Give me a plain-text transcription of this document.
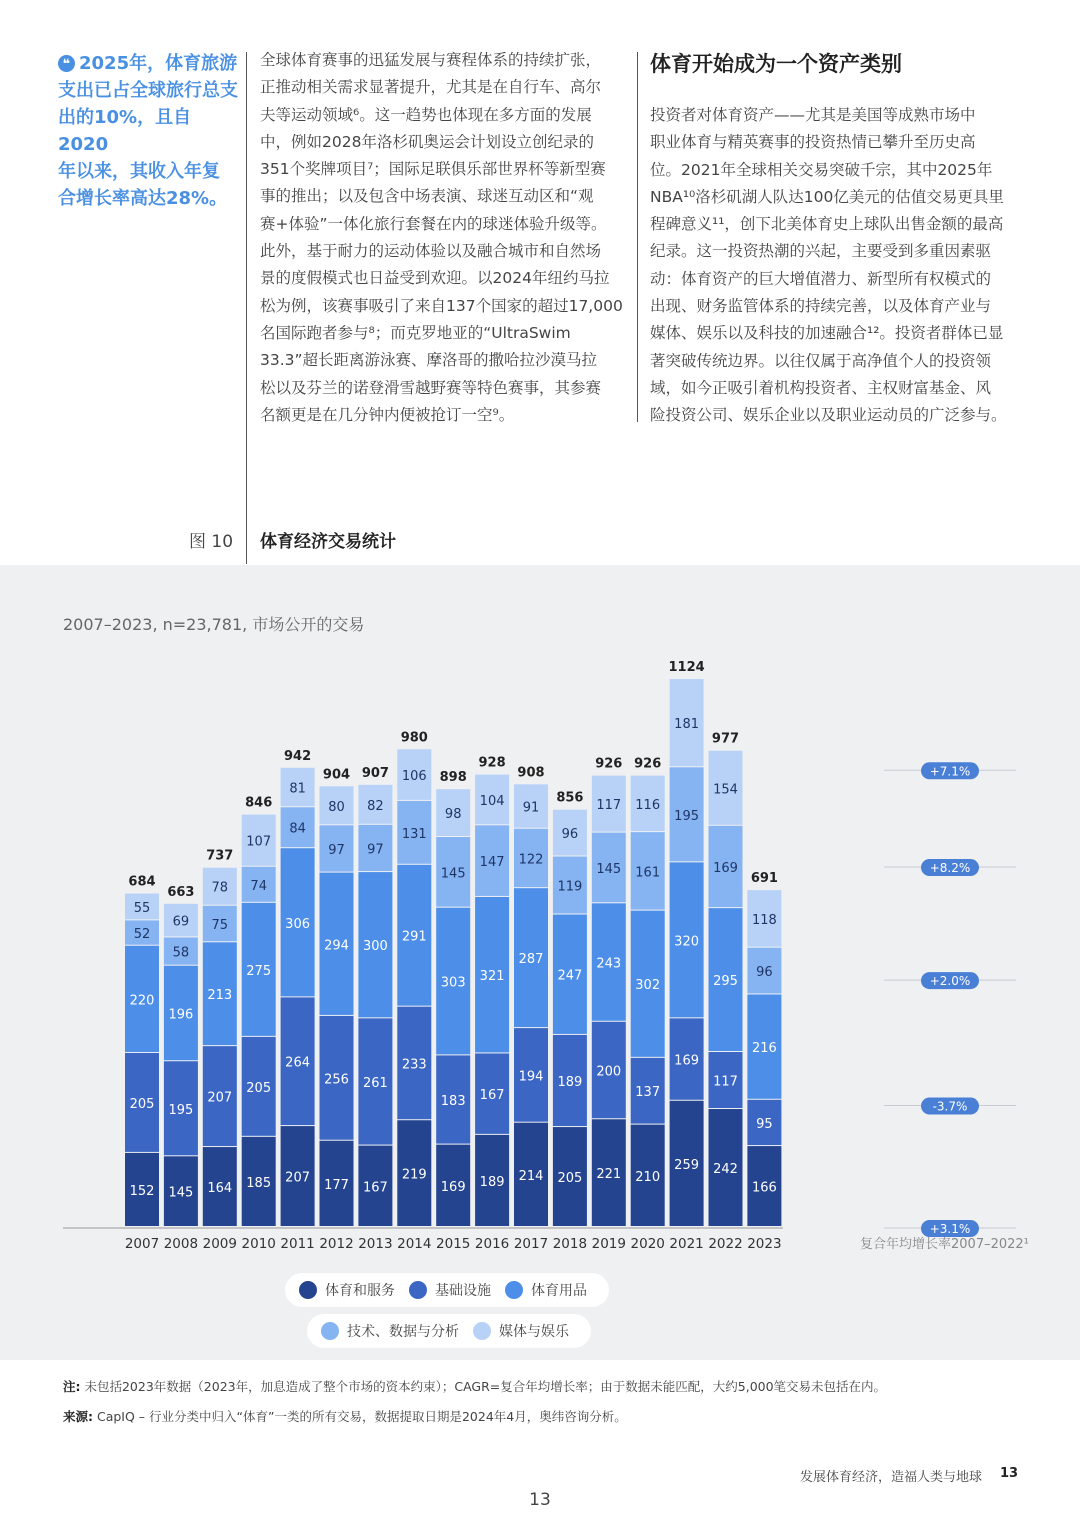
❝ 2025年，体育旅游
支出已占全球旅行总支
出的10%，且自2020
年以来，其收入年复
合增长率高达28%。
全球体育赛事的迅猛发展与赛程体系的持续扩张，
正推动相关需求显著提升，尤其是在自行车、高尔
夫等运动领域⁶。这一趋势也体现在多方面的发展
中，例如2028年洛杉矶奥运会计划设立创纪录的
351个奖牌项目⁷；国际足联俱乐部世界杯等新型赛
事的推出；以及包含中场表演、球迷互动区和“观
赛+体验”一体化旅行套餐在内的球迷体验升级等。
此外，基于耐力的运动体验以及融合城市和自然场
景的度假模式也日益受到欢迎。以2024年纽约马拉
松为例，该赛事吸引了来自137个国家的超过17,000
名国际跑者参与⁸；而克罗地亚的“UltraSwim
33.3”超长距离游泳赛、摩洛哥的撒哈拉沙漠马拉
松以及芬兰的诺登滑雪越野赛等特色赛事，其参赛
名额更是在几分钟内便被抢订一空⁹。
体育开始成为一个资产类别
投资者对体育资产——尤其是美国等成熟市场中
职业体育与精英赛事的投资热情已攀升至历史高
位。2021年全球相关交易突破千宗，其中2025年
NBA¹⁰洛杉矶湖人队达100亿美元的估值交易更具里
程碑意义¹¹，创下北美体育史上球队出售金额的最高
纪录。这一投资热潮的兴起，主要受到多重因素驱
动：体育资产的巨大增值潜力、新型所有权模式的
出现、财务监管体系的持续完善，以及体育产业与
媒体、娱乐以及科技的加速融合¹²。投资者群体已显
著突破传统边界。以往仅属于高净值个人的投资领
域，如今正吸引着机构投资者、主权财富基金、风
险投资公司、娱乐企业以及职业运动员的广泛参与。
图 10 体育经济交易统计
2007–2023, n=23,781, 市场公开的交易
152
205
220
52
55
684
2007
145
195
196
58
69
663
2008
164
207
213
75
78
737
2009
185
205
275
74
107
846
2010
207
264
306
84
81
942
2011
177
256
294
97
80
904
2012
167
261
300
97
82
907
2013
219
233
291
131
106
980
2014
169
183
303
145
98
898
2015
189
167
321
147
104
928
2016
214
194
287
122
91
908
2017
205
189
247
119
96
856
2018
221
200
243
145
117
926
2019
210
137
302
161
116
926
2020
259
169
320
195
181
1124
2021
242
117
295
169
154
977
2022
166
95
216
96
118
691
2023
+7.1%
+8.2%
+2.0%
-3.7%
+3.1%
复合年均增长率2007–2022¹
体育和服务	基础设施	体育用品
技术、数据与分析	媒体与娱乐
注: 未包括2023年数据（2023年，加息造成了整个市场的资本约束）；CAGR=复合年均增长率；由于数据未能匹配，大约5,000笔交易未包括在内。
来源: CapIQ – 行业分类中归入“体育”一类的所有交易，数据提取日期是2024年4月，奥纬咨询分析。
发展体育经济，造福人类与地球 13
13
